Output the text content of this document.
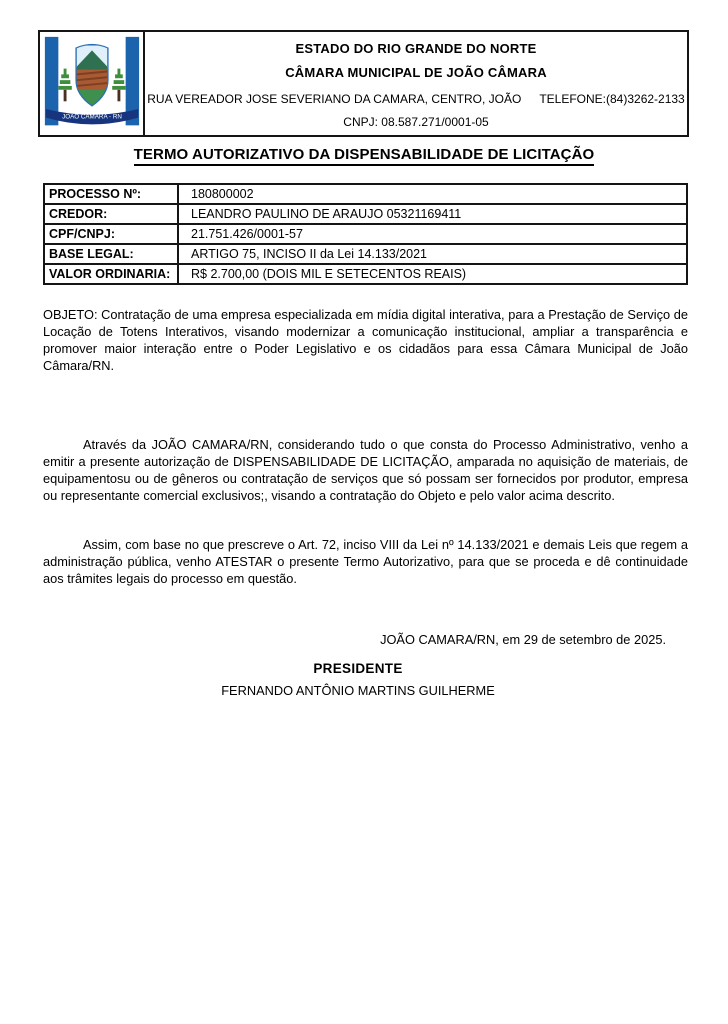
JOÃO CÂMARA - RN
ESTADO DO RIO GRANDE DO NORTE
CÂMARA MUNICIPAL DE JOÃO CÂMARA
RUA VEREADOR JOSE SEVERIANO DA CAMARA, CENTRO, JOÃO TELEFONE:(84)3262-2133
CNPJ: 08.587.271/0001-05
TERMO AUTORIZATIVO DA DISPENSABILIDADE DE LICITAÇÃO
PROCESSO Nº:	180800002
CREDOR:	LEANDRO PAULINO DE ARAUJO 05321169411
CPF/CNPJ:	21.751.426/0001-57
BASE LEGAL:	ARTIGO 75, INCISO II da Lei 14.133/2021
VALOR ORDINARIA:	R$ 2.700,00 (DOIS MIL E SETECENTOS REAIS)
OBJETO: Contratação de uma empresa especializada em mídia digital interativa, para a Prestação de Serviço de Locação de Totens Interativos, visando modernizar a comunicação institucional, ampliar a transparência e promover maior interação entre o Poder Legislativo e os cidadãos para essa Câmara Municipal de João Câmara/RN.
Através da JOÃO CAMARA/RN, considerando tudo o que consta do Processo Administrativo, venho a emitir a presente autorização de DISPENSABILIDADE DE LICITAÇÃO, amparada no aquisição de materiais, de equipamentosu ou de gêneros ou contratação de serviços que só possam ser fornecidos por produtor, empresa ou representante comercial exclusivos;, visando a contratação do Objeto e pelo valor acima descrito.
Assim, com base no que prescreve o Art. 72, inciso VIII da Lei nº 14.133/2021 e demais Leis que regem a administração pública, venho ATESTAR o presente Termo Autorizativo, para que se proceda e dê continuidade aos trâmites legais do processo em questão.
JOÃO CAMARA/RN, em 29 de setembro de 2025.
PRESIDENTE
FERNANDO ANTÔNIO MARTINS GUILHERME
